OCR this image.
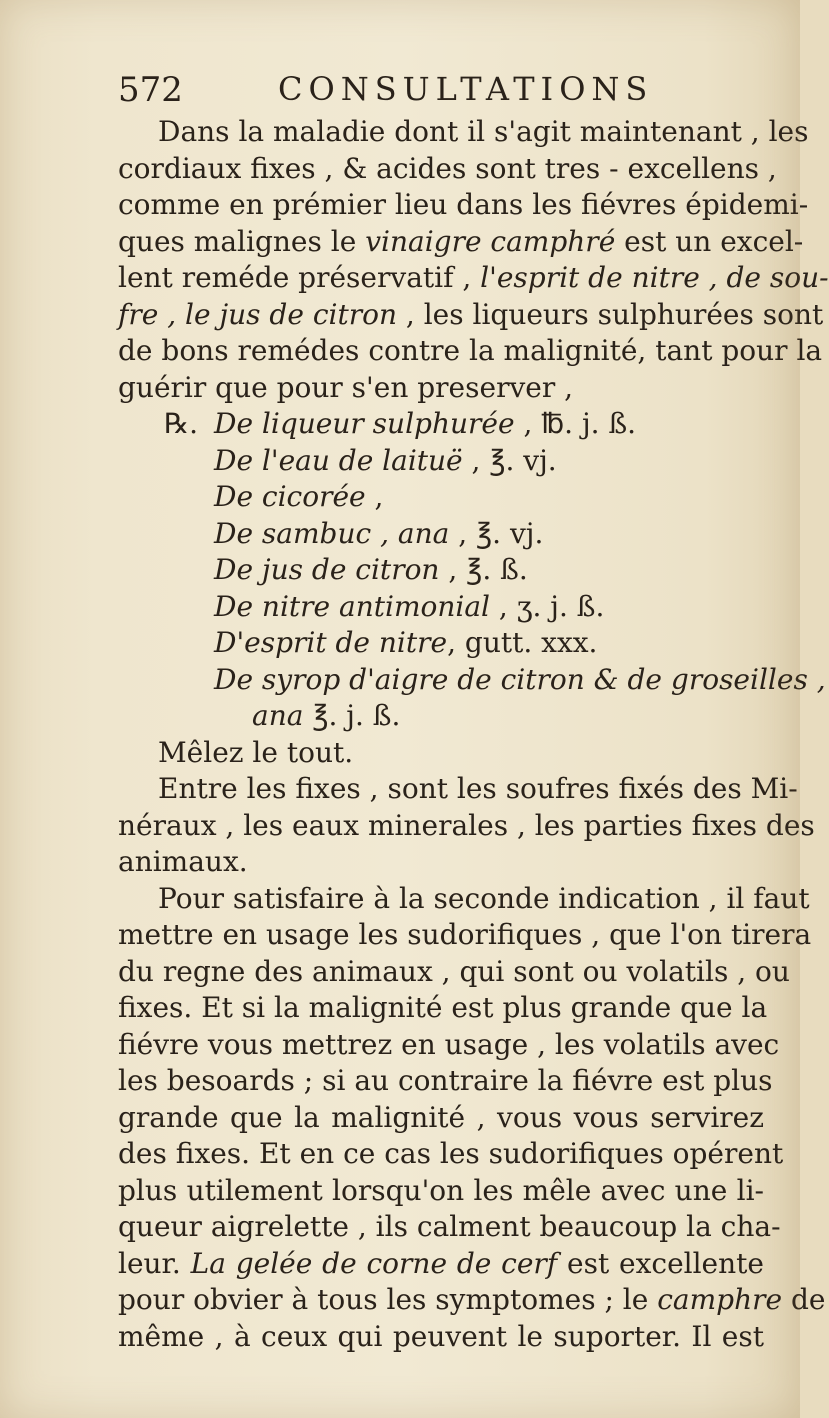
572	CONSULTATIONS
Dans la maladie dont il s'agit maintenant , les
cordiaux fixes , & acides sont tres - excellens ,
comme en prémier lieu dans les fiévres épidemi-
ques malignes le vinaigre camphré est un excel-
lent reméde préservatif , l'esprit de nitre , de sou-
fre , le jus de citron , les liqueurs sulphurées sont
de bons remédes contre la malignité, tant pour la
guérir que pour s'en preserver ,
℞. De liqueur sulphurée , ℔. j. ß.
De l'eau de laituë , ℥. vj.
De cicorée ,
De sambuc , ana , ℥. vj.
De jus de citron , ℥. ß.
De nitre antimonial , ʒ. j. ß.
D'esprit de nitre, gutt. xxx.
De syrop d'aigre de citron & de groseilles ,
ana ℥. j. ß.
Mêlez le tout.
Entre les fixes , sont les soufres fixés des Mi-
néraux , les eaux minerales , les parties fixes des
animaux.
Pour satisfaire à la seconde indication , il faut
mettre en usage les sudorifiques , que l'on tirera
du regne des animaux , qui sont ou volatils , ou
fixes. Et si la malignité est plus grande que la
fiévre vous mettrez en usage , les volatils avec
les besoards ; si au contraire la fiévre est plus
grande que la malignité , vous vous servirez
des fixes. Et en ce cas les sudorifiques opérent
plus utilement lorsqu'on les mêle avec une li-
queur aigrelette , ils calment beaucoup la cha-
leur. La gelée de corne de cerf est excellente
pour obvier à tous les symptomes ; le camphre de
même , à ceux qui peuvent le suporter. Il est
